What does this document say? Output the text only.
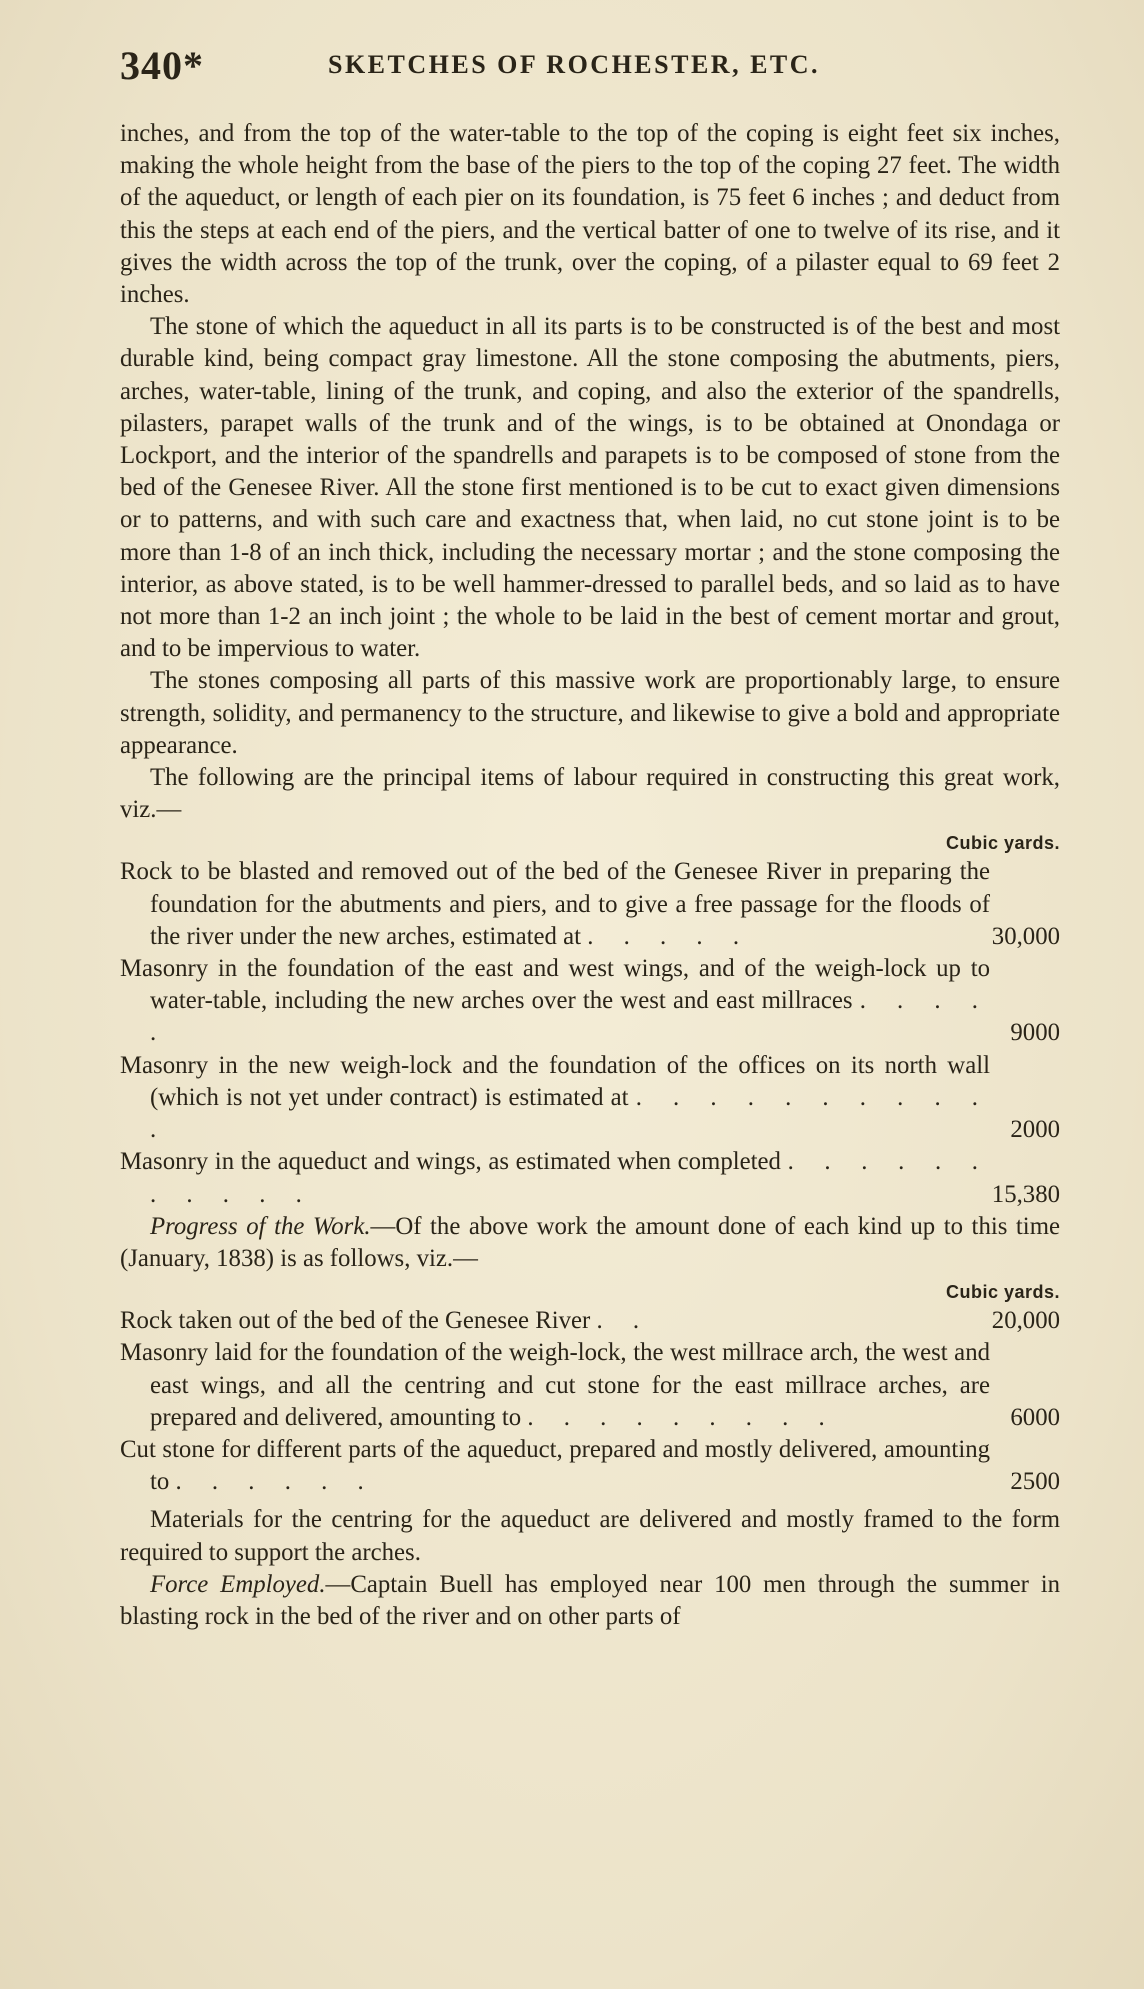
340*	SKETCHES OF ROCHESTER, ETC.

inches, and from the top of the water-table to the top of the coping is eight feet six inches, making the whole height from the base of the piers to the top of the coping 27 feet. The width of the aqueduct, or length of each pier on its foundation, is 75 feet 6 inches ; and deduct from this the steps at each end of the piers, and the vertical batter of one to twelve of its rise, and it gives the width across the top of the trunk, over the coping, of a pilaster equal to 69 feet 2 inches.

The stone of which the aqueduct in all its parts is to be constructed is of the best and most durable kind, being compact gray limestone. All the stone composing the abutments, piers, arches, water-table, lining of the trunk, and coping, and also the exterior of the spandrells, pilasters, parapet walls of the trunk and of the wings, is to be obtained at Onondaga or Lockport, and the interior of the spandrells and parapets is to be composed of stone from the bed of the Genesee River. All the stone first mentioned is to be cut to exact given dimensions or to patterns, and with such care and exactness that, when laid, no cut stone joint is to be more than 1-8 of an inch thick, including the necessary mortar ; and the stone composing the interior, as above stated, is to be well hammer-dressed to parallel beds, and so laid as to have not more than 1-2 an inch joint ; the whole to be laid in the best of cement mortar and grout, and to be impervious to water.

The stones composing all parts of this massive work are proportionably large, to ensure strength, solidity, and permanency to the structure, and likewise to give a bold and appropriate appearance.

The following are the principal items of labour required in constructing this great work, viz.—

Cubic yards.
Rock to be blasted and removed out of the bed of the Genesee River in preparing the foundation for the abutments and piers, and to give a free passage for the floods of the river under the new arches, estimated at . . . . .	30,000
Masonry in the foundation of the east and west wings, and of the weigh-lock up to water-table, including the new arches over the west and east millraces . . . . .	9000
Masonry in the new weigh-lock and the foundation of the offices on its north wall (which is not yet under contract) is estimated at . . . . . . . . . . .	2000
Masonry in the aqueduct and wings, as estimated when completed . . . . . . . . . . .	15,380

Progress of the Work.—Of the above work the amount done of each kind up to this time (January, 1838) is as follows, viz.—

Cubic yards.
Rock taken out of the bed of the Genesee River . .	20,000
Masonry laid for the foundation of the weigh-lock, the west millrace arch, the west and east wings, and all the centring and cut stone for the east millrace arches, are prepared and delivered, amounting to . . . . . . . . .	6000
Cut stone for different parts of the aqueduct, prepared and mostly delivered, amounting to . . . . . .	2500

Materials for the centring for the aqueduct are delivered and mostly framed to the form required to support the arches.

Force Employed.—Captain Buell has employed near 100 men through the summer in blasting rock in the bed of the river and on other parts of
